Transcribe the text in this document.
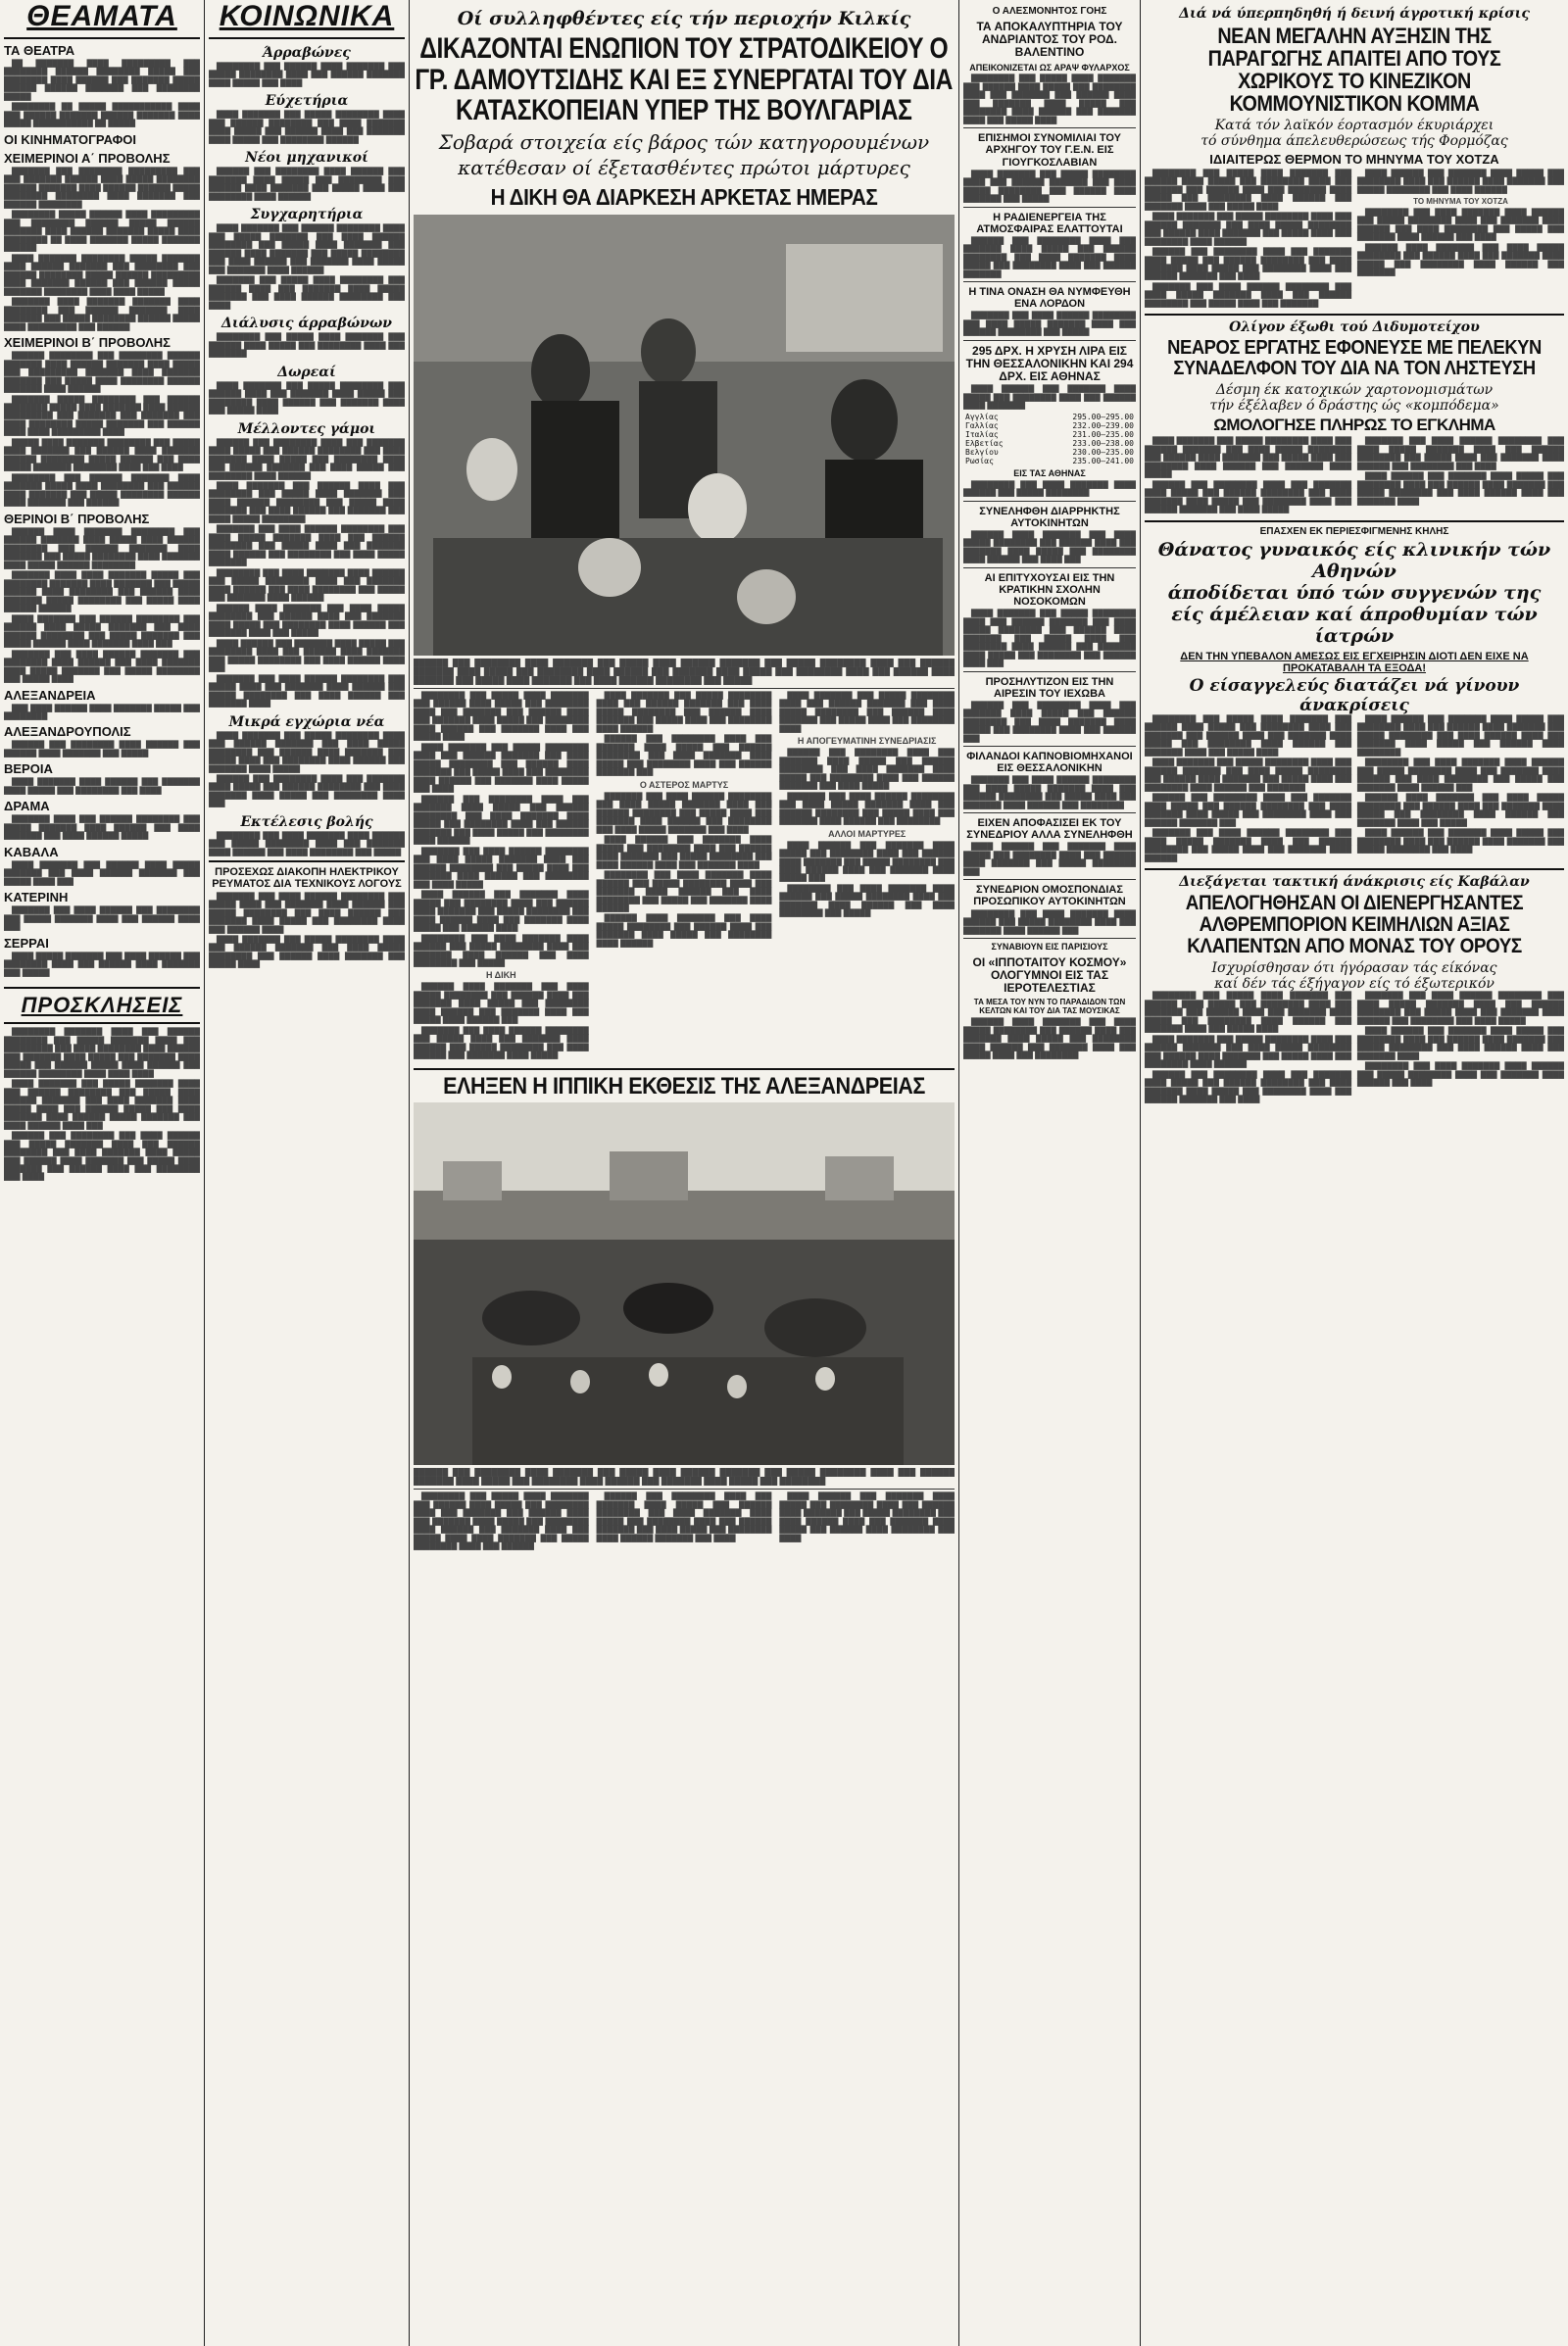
ΘΕΑΜΑΤΑ
ΤΑ ΘΕΑΤΡΑ

██ ███████ ████ █████████ ███ ████████ ██████ ████████ █████ ███ ████████ ████ ██████ ███ ███████ █████ ██████ ██████ ███████ ███ ████████ █████

████████ ██ █████ ███████████ ████ ███ ██████ ███████ ██████ ███████ ████ █████ ███████████ ██ █████

ΟΙ ΚΙΝΗΜΑΤΟΓΡΑΦΟΙ
ΧΕΙΜΕΡΙΝΟΙ Α΄ ΠΡΟΒΟΛΗΣ

███████ ███ ████████ █████████ ███ ███ ███████ ██████ ████ █████ ████████ ██████ ███████ ████ ██████ ██████ █████ ████████ ████████ ████ ███████ ███ ██████ ████████

████████ █████ ██████ ████ █████████ ███ ████████ ██████ █████ ██████ ███████ ████ ██████ ███████ █████ ████ ████████ ██ ████ ███████ █████ ███████ ██████

████ ███████ ████████ █████ ███████ ████ ██████ ███████ ███ ████████ ███ ██████ ████████ █████ ██████ █████████ ████ ███████ ██████ ███ ██████ █████ ███████ ████████ ████ ████ █████

███████ ████ ███████ ███████ ████ ████████ ███ ██████ ███████ ████ ███████ ███ █████ ████████ ██████ █████ ████ █████████ ███ ██████

ΧΕΙΜΕΡΙΝΟΙ Β΄ ΠΡΟΒΟΛΗΣ

██████ ████████ ███ ████████ ██████ ███████ ████ ██████ ███████ ████ █████ ███ █████████ ███████ ████ ███████ ███████ ███ █████ ████ ████████ ██████ ███████ ████ ██████

███████ █████ ████████ ███ ██████ ████████ █████ ████ ███████ ████ ██████ █████████ ███ ███████ ███ ███████ ███ ████ ████████ █████ ███████ ███ ██████ ████ ████ █████████ ████

█████ ████ ███████ ████████ ███ █████ ████ ███████ ███ ██████ ████ ███████ ██████ ████████ █████ ██████ ███ ████ █████ ███████ ████████ ████ ███ ████

████████ ███ ██████ ███████ ████ ███████ █████ ████ ████████ ███ ██████ ████ ███████ ███ █████ ████████ ██████ ████ ███████ ███ ██████

ΘΕΡΙΝΟΙ Β΄ ΠΡΟΒΟΛΗΣ

██████ ████ ███████ ████████ ███ ██████ ███████ ████ █████ ████ ██████ ████████ ███ ██████ ███████ ████ ███████ ███ █████ ████████ ████ ███████ ████ █████ ██████ ████████

███████ ████ ████ ███████ █████ ███ ████████ ███████ ████ ███████ ███ █████ ██████ ████ ████████ ███ ██████ ████ ███████ █████ ████████ ███ █████ ████ ██████ ██████

████ ███████ ███ ██████ ████████ ███ ██████ ████ █████ ███████ ███ ████ ██████ ████████ ███ █████ ███████ ███ █████ ██████ ████ ███████ ████ ███

███████ ███ ████ ██████ ███████ ███ ████████ ████ ██████ ███ ████ ███████ ████ █████ ███████ ███ █████ ████████ ███ █████ ████

ΑΛΕΞΑΝΔΡΕΙΑ

███ ████ ██████ ████ ███████ █████ ███ ████████

ΑΛΕΞΑΝΔΡΟΥΠΟΛΙΣ

██████ ███ ████████ ████ ██████ ███ ██████ ████ ███████ ███ █████

ΒΕΡΟΙΑ

████ ███████ ████ ██████ ███ ███████ ████ █████ ███ ████████ ███ ████

ΔΡΑΜΑ

███████ ████ ███ ██████ ████████ ███ █████ ███████ ████ ██████ ███ ████ ███████ ███ ████ ██████ █████

ΚΑΒΑΛΑ

████ ███████ ███ ██████ ████ █████ ███████ ███ ████ ██████ ███████ ███ █████ ████ ███

ΚΑΤΕΡΙΝΗ

███████ ███ ████ ██████ ███ ████████ ███ █████ ███████ ████ ███ ██████ ████ ███

ΣΕΡΡΑΙ

████ █████ ███████ ███ ████ ██████ ███ ████████ ████ ███ ██████ ████ ███████ ███ █████

ΠΡΟΣΚΛΗΣΕΙΣ

████████ ███████ ████ ███ ██████ ████████ ███ █████ ███████ ████ ███ █████████ ███ ████ ████████ ████ ██████ ███ ███████ ████ █████ ███ ███████ ████ █████ ███ ██████ █████ ████ ██████ ███ ██████ ████████ ████ ████ ████

████ ███████ ███ █████ ███████ ████ ███ ██████ ████████ ███ █████ ████ ██████ ███████ ███ ████ ███████ ████ █████ ████ ███ ██████ █████ ███ ████ ███████ ████ ██████ █████ ███████ ███ ████ ██████ ████ ███

██████ ███ ████████ ███ ████ ██████ ███ █████ ███████ ████ ███ ██████ ████████ ███ ████ ███████ ████ █████ ███ ██████ ████ ███████ ███ █████ ████ ███████ ███ ██████ ████ ███ ████████ ███ ████

ΚΟΙΝΩΝΙΚΑ
Άρραβώνες

████████ ███ ██████ ████ ███████ ███ █████ ████████ ████ ███ ██████ ███████ ████ █████ ███ ████

Εύχετήρια

████ ███████ ███ █████ ████████ ████ ███ ██████ ████████ ███ ████ ███████ ████ █████ ███ ██████ ████ ███ ███████ ████ █████ ███ ████████ ██████

Νέοι μηχανικοί

██████ ███ ████████ ████ ██████ ███ ███████ ████ █████ ███ ████████ ███ ██████ ████ ███████ ███ █████ ████ ███ ████████ ████ ██████

Συγχαρητήρια

████ ███████ ███ ██████ ████████ ████ ███ █████ ███████ ███ ████ ██████ ████████ ███ █████ ████ ███████ ███ ██████ ████ ███████ ███ █████ ████████ ███ ████ ██████ ███ ███████ ████ █████ ███ ███████ ████ ██████

███████ ███ █████ ████ ████████ ███ ██████ ████ ███ ███████ ████ █████ ███████ ███ ████ ██████ ████████ ███ ████

Διάλυσις άρραβώνων

████████ ███ █████ ████ ███████ ███ ██████ ████ █████ ███ ████████ ████ ███ ███████

Δωρεαί

████ ███████ ███ █████ ████████ ███ ██████ ████ ███ ███████ ████ █████ ███ ████████ ████ ██████ ███ ███████ ████ ███ █████ ████

Μέλλοντες γάμοι

██████ ███ ████████ ████ ███ ███████ ████ █████ ███ ██████ ████████ ███ ████ ███████ ████ █████ ███ ████████ ████ ███ ██████ ███████ ███ ████ █████ ███ ████████ ████ ██████

████ ███████ ███ ██████ ████ ███ ████████ ███ █████ ████ ███████ ███ ████ ██████ ████████ ███ █████ ████ ███████ ███ ████ ██████ ███ ███████ ███ ████ █████ ████████

███████ ███ ████ ██████ ████████ ███ ████ █████ ███████ ████ ███ ██████ ████████ ███ █████ ████ ███ ███████ ████ ██████ ███ ████████ ███ ████ █████ ███████

████████ ███ ████ ███████ ████ ██████ ███ █████ ████████ ████ ███ ███████ ████ ██████ ███ ████ ████████ ███ █████ ███ ███████ ████ ██████

██████ ████ ███████ ███ ████ █████ ████████ ███ ██████ ████ ███ ███████ ████ █████ ███ ████████ ████ ██████ ███ ███████ ████ ███ █████

████ ██████ ███ ███████ ████ █████ ███ ████████ ████ ███ ██████ ████ ███████ ███ █████ ████████ ███ ████ ██████ ████ ███

███████ ███ ████ ██████ ████████ ███ █████ ████ ███ ███████ ████ ██████ ███ █████ ████████ ███ ████ ██████ ███ ███████ ████

Μικρά εγχώρια νέα

████ ███████ ███ █████ ████████ ████ ███ ██████ ███████ ███ ████ █████ ████████ ███ ██████ ████ ███████ ███ █████ ████ ███ ████████ ████ ██████ ███ ███████ ████ █████

██████ ███ ████████ ████ ███ ███████ ████ █████ ███ ██████ ████████ ███ ████ ███████ ████ █████ ███ ████████ ████ ███

Εκτέλεσις βολής

████████ ███ ████ ███████ ████ ██████ ███ █████ ████████ ████ ███ ███████ ████ ██████ ███ ████ ████████ ███ █████

ΠΡΟΣΕΧΩΣ ΔΙΑΚΟΠΗ ΗΛΕΚΤΡΙΚΟΥ ΡΕΥΜΑΤΟΣ ΔΙΑ ΤΕΧΝΙΚΟΥΣ ΛΟΓΟΥΣ

███████ ███ ████ ██████ ████████ ███ █████ ████ ███ ███████ ████ ██████ ███ █████ ████████ ███ ████ ██████ ███ ███████ ████ █████ ███ ████████ ████ ███ ██████ ████

████ ███████ ███ █████ ████████ ████ ███ ██████ ███████ ███ ████ █████ ████████ ███ ██████ ████ ███████ ███ █████ ████

Οί συλληφθέντες είς τήν περιοχήν Κιλκίς
ΔΙΚΑΖΟΝΤΑΙ ΕΝΩΠΙΟΝ ΤΟΥ ΣΤΡΑΤΟΔΙΚΕΙΟΥ Ο ΓΡ. ΔΑΜΟΥΤΣΙΔΗΣ ΚΑΙ ΕΞ ΣΥΝΕΡΓΑΤΑΙ ΤΟΥ ΔΙΑ ΚΑΤΑΣΚΟΠΕΙΑΝ ΥΠΕΡ ΤΗΣ ΒΟΥΛΓΑΡΙΑΣ
Σοβαρά στοιχεία είς βάρος τών κατηγορουμένων
κατέθεσαν οί έξετασθέντες πρώτοι μάρτυρες
Η ΔΙΚΗ ΘΑ ΔΙΑΡΚΕΣΗ ΑΡΚΕΤΑΣ ΗΜΕΡΑΣ
██████ ███ ████████ ████ ███████ ███ █████ ████ ██████ ███████ ███ █████ ████████ ████ ███ ██████ ███████ ████ █████ ███ ████████ ████ ██████ ███ ███████ ████ █████ ███ ████████ ████ ███ ██████ ████ ███████ ███ █████ ████ ███████ ███ ████ ██████ ████████ ███ █████

████████ ███ █████ ████ ███████ ███ ██████ ████ █████ ███ ████████ ████ ███ ███████ ███ ██████ ████ ███ ███████ ████ █████ ███ ████████ ████ ██████ ███ ███████ ████ ███ █████ ████

████ ███████ ███ █████ ████████ ████ ███ ██████ ███████ ███ ████ █████ ████████ ███ ██████ ████ ███████ ███ █████ ████ ███ ████████ ████ ██████ ███ ███████ ████ █████ ███ ████

██████ ███ ████████ ████ ███ ███████ ████ █████ ███ ██████ ████████ ███ ████ ███████ ████ █████ ███ ████████ ████ ███ ██████ ███████ ███ ████ █████ ███ ████████ ████ ██████

███████ ███ ████ ██████ ████████ ███ ████ █████ ███████ ████ ███ ██████ ████████ ███ █████ ████ ███ ███████ ████ ██████ ███ ████████ ███ ████ █████

████ ██████ ███ ███████ ████ █████ ███ ████████ ████ ███ ██████ ████ ███████ ███ █████ ████████ ███ ████ ██████ ████ ███ ███████ ████ █████ ███ ██████ ████

████████ ███ ████ ███████ ████ ██████ ███ █████ ████████ ████ ███ ███████ ████ ██████ ███ ████ ████████ ███ █████

Η ΔΙΚΗ

██████ ████ ███████ ███ ████ █████ ████████ ███ ██████ ████ ███ ███████ ████ █████ ███ ████████ ████ ██████ ███ ███████ ████ ███ █████ ████ ██████ ███

███████ ███ ████ ██████ ████████ ███ █████ ████ ███ ███████ ████ ██████ ███ █████ ████████ ███ ████ ██████ ███ ███████ ████ █████

████ ███████ ███ █████ ████████ ████ ███ ██████ ███████ ███ ████ █████ ████████ ███ ██████ ████ ███████ ███ █████ ████ ███ ████████ ████ ██████

██████ ███ ████████ ████ ███ ███████ ████ █████ ███ ██████ ████████ ███ ████ ███████ ████ █████ ███ ████████ ████ ███ ██████ ███████ ███

Ο ΑΣΤΕΡΟΣ ΜΑΡΤΥΣ

███████ ███ ████ ██████ ████████ ███ ████ █████ ███████ ████ ███ ██████ ████████ ███ █████ ████ ███ ███████ ████ ██████ ███ ████████ ███ ████ █████ ███████ ███ ████

████ ██████ ███ ███████ ████ █████ ███ ████████ ████ ███ ██████ ████ ███████ ███ █████ ████████ ███ ████ ██████ ████ ███ ███████ ████

████████ ███ ████ ███████ ████ ██████ ███ █████ ████████ ████ ███ ███████ ████ ██████ ███ ████ ████████ ███ █████ ███ ███████ ████ ██████

██████ ████ ███████ ███ ████ █████ ████████ ███ ██████ ████ ███ ███████ ████ █████ ███ ████████ ████ ██████

████ ███████ ███ █████ ████████ ████ ███ ██████ ███████ ███ ████ █████ ████████ ███ ██████ ████ ███████ ███ █████ ████ ███ ████████ ████

Η ΑΠΟΓΕΥΜΑΤΙΝΗ ΣΥΝΕΔΡΙΑΣΙΣ

██████ ███ ████████ ████ ███ ███████ ████ █████ ███ ██████ ████████ ███ ████ ███████ ████ █████ ███ ████████ ████ ███ ██████ ███████ ███ ████ █████

███████ ███ ████ ██████ ████████ ███ ████ █████ ███████ ████ ███ ██████ ████████ ███ █████ ████ ███ ███████ ████ ██████ ███ ████████

ΑΛΛΟΙ ΜΑΡΤΥΡΕΣ

████ ██████ ███ ███████ ████ █████ ███ ████████ ████ ███ ██████ ████ ███████ ███ █████ ████████ ███ ████ ██████ ████ ███ ███████ ████ █████ ███

████████ ███ ████ ███████ ████ ██████ ███ █████ ████████ ████ ███ ███████ ████ ██████ ███ ████ ████████ ███ █████

ΕΛΗΞΕΝ Η ΙΠΠΙΚΗ ΕΚΘΕΣΙΣ ΤΗΣ ΑΛΕΞΑΝΔΡΕΙΑΣ
██████ ███ ████████ ████ ███████ ███ █████ ████ ██████ ███████ ███ █████ ████████ ████ ███ ██████ ███████ ████ █████ ███ ████████ ████ ██████ ███ ███████ ████ █████ ███ ████████

████████ ███ █████ ████ ███████ ███ ██████ ████ █████ ███ ████████ ████ ███ ███████ ███ ██████ ████ ███ ███████ ████ █████ ███ ████████ ████ ██████ ███ ███████ ████ ███ █████ ████ ████ ███████ ███ █████ ████████ ████ ███ ██████

██████ ███ ████████ ████ ███ ███████ ████ █████ ███ ██████ ████████ ███ ████ ███████ ████ █████ ███ ████████ ████ ███ ██████ ███████ ███ ████ █████ ███ ████████ ████ ██████ ███████ ███ ████

████ ██████ ███ ███████ ████ █████ ███ ████████ ████ ███ ██████ ████ ███████ ███ █████ ████████ ███ ████ ██████ ████ ███ ███████ ████ █████ ███ ██████ ████ ████████ ███ ████

Ο ΑΛΕΣΜΟΝΗΤΟΣ ΓΟΗΣ
ΤΑ ΑΠΟΚΑΛΥΠΤΗΡΙΑ ΤΟΥ ΑΝΔΡΙΑΝΤΟΣ ΤΟΥ ΡΟΔ. ΒΑΛΕΝΤΙΝΟ
ΑΠΕΙΚΟΝΙΖΕΤΑΙ ΩΣ ΑΡΑΨ ΦΥΛΑΡΧΟΣ

████████ ███ █████ ████ ███████ ███ ██████ ████ █████ ███ ████████ ████ ███ ███████ ███ ██████ ████ ███ ███████ ████ █████ ███ ████████ ████ ██████ ███ ███████ ████ ███ █████ ████

ΕΠΙΣΗΜΟΙ ΣΥΝΟΜΙΛΙΑΙ ΤΟΥ ΑΡΧΗΓΟΥ ΤΟΥ Γ.Ε.Ν. ΕΙΣ ΓΙΟΥΓΚΟΣΛΑΒΙΑΝ

████ ███████ ███ █████ ████████ ████ ███ ██████ ███████ ███ ████ █████ ████████ ███ ██████ ████ ███████ ███ █████

Η ΡΑΔΙΕΝΕΡΓΕΙΑ ΤΗΣ ΑΤΜΟΣΦΑΙΡΑΣ ΕΛΑΤΤΟΥΤΑΙ

██████ ███ ████████ ████ ███ ███████ ████ █████ ███ ██████ ████████ ███ ████ ███████ ████ █████ ███ ████████ ████ ███ ██████ ███████

Η ΤΙΝΑ ΟΝΑΣΗ ΘΑ ΝΥΜΦΕΥΘΗ ΕΝΑ ΛΟΡΔΟΝ

███████ ███ ████ ██████ ████████ ███ ████ █████ ███████ ████ ███ ██████ ████████ ███ █████

295 ΔΡΧ. Η ΧΡΥΣΗ ΛΙΡΑ ΕΙΣ ΤΗΝ ΘΕΣΣΑΛΟΝΙΚΗΝ ΚΑΙ 294 ΔΡΧ. ΕΙΣ ΑΘΗΝΑΣ

████ ██████ ███ ███████ ████ █████ ███ ████████ ████ ███ ██████ ████ ███████

Αγγλίας	295.00—295.00
Γαλλίας	232.00—239.00
Ιταλίας	231.00—235.00
Ελβετίας	233.00—238.00
Βελγίου	230.00—235.00
Ρωσίας	235.00—241.00
ΕΙΣ ΤΑΣ ΑΘΗΝΑΣ

████████ ███ ████ ███████ ████ ██████ ███ █████ ████████

ΣΥΝΕΛΗΦΘΗ ΔΙΑΡΡΗΚΤΗΣ ΑΥΤΟΚΙΝΗΤΩΝ

██████ ████ ███████ ███ ████ █████ ████████ ███ ██████ ████ ███ ███████ ████ █████ ███ ████████ ████ ██████ ███ ████ ███

ΑΙ ΕΠΙΤΥΧΟΥΣΑΙ ΕΙΣ ΤΗΝ ΚΡΑΤΙΚΗΝ ΣΧΟΛΗΝ ΝΟΣΟΚΟΜΩΝ

████ ███████ ███ █████ ████████ ████ ███ ██████ ███████ ███ ████ █████ ████████ ███ ██████ ████ ███████ ███ █████ ████ ███ ████████ ████ ██████ ███ ███████ ████ █████ ███ ████████ ███ ██████ ████ ███

ΠΡΟΣΗΛΥΤΙΖΟΝ ΕΙΣ ΤΗΝ ΑΙΡΕΣΙΝ ΤΟΥ ΙΕΧΩΒΑ

██████ ███ ████████ ████ ███ ███████ ████ █████ ███ ██████ ████████ ███ ████ ███████ ████ █████ ███ ████████ ████ ███ ██████ ███

ΦΙΛΑΝΔΟΙ ΚΑΠΝΟΒΙΟΜΗΧΑΝΟΙ ΕΙΣ ΘΕΣΣΑΛΟΝΙΚΗΝ

███████ ███ ████ ██████ ████████ ███ ████ █████ ███████ ████ ███ ██████ ████████ ███ █████ ████ ███ ███████ ████ ██████ ███ ████████

ΕΙΧΕΝ ΑΠΟΦΑΣΙΣΕΙ ΕΚ ΤΟΥ ΣΥΝΕΔΡΙΟΥ ΑΛΛΑ ΣΥΝΕΛΗΦΘΗ

████ ██████ ███ ███████ ████ █████ ███ ████████ ████ ███ ██████ ████ ███████ ███ █████ ████████ ███

ΣΥΝΕΔΡΙΟΝ ΟΜΟΣΠΟΝΔΙΑΣ ΠΡΟΣΩΠΙΚΟΥ ΑΥΤΟΚΙΝΗΤΩΝ

████████ ███ ████ ███████ ████ ██████ ███ █████ ████████ ████ ███ ███████ ████ ██████ ███

ΣΥΝΑΒΙΟΥΝ ΕΙΣ ΠΑΡΙΣΙΟΥΣ
ΟΙ «ΙΠΠΟΤΑΙΤΟΥ ΚΟΣΜΟΥ» ΟΛΟΓΥΜΝΟΙ ΕΙΣ ΤΑΣ ΙΕΡΟΤΕΛΕΣΤΙΑΣ
ΤΑ ΜΕΣΑ ΤΟΥ ΝΥΝ ΤΟ ΠΑΡΑΔΙΔΟΝ ΤΩΝ ΚΕΛΤΩΝ ΚΑΙ ΤΟΥ ΔΙΑ ΤΑΣ ΜΟΥΣΙΚΑΣ

██████ ████ ███████ ███ ████ █████ ████████ ███ ██████ ████ ███ ███████ ████ █████ ███ ████████ ████ ██████ ███ ███████ ████ ███ █████ ████ ███ ████████

Διά νά ύπερπηδηθή ή δεινή άγροτική κρίσις
ΝΕΑΝ ΜΕΓΑΛΗΝ ΑΥΞΗΣΙΝ ΤΗΣ ΠΑΡΑΓΩΓΗΣ ΑΠΑΙΤΕΙ ΑΠΟ ΤΟΥΣ ΧΩΡΙΚΟΥΣ ΤΟ ΚΙΝΕΖΙΚΟΝ ΚΟΜΜΟΥΝΙΣΤΙΚΟΝ ΚΟΜΜΑ
Κατά τόν λαϊκόν έορτασμόν έκυριάρχει
τό σύνθημα άπελευθερώσεως τής Φορμόζας
ΙΔΙΑΙΤΕΡΩΣ ΘΕΡΜΟΝ ΤΟ ΜΗΝΥΜΑ ΤΟΥ ΧΟΤΖΑ

████████ ███ █████ ████ ███████ ███ ██████ ████ █████ ███ ████████ ████ ███ ███████ ███ ██████ ████ ███ ███████ ████ █████ ███ ████████ ████ ██████ ███ ███████ ████ ███ █████ ████

████ ███████ ███ █████ ████████ ████ ███ ██████ ███████ ███ ████ █████ ████████ ███ ██████ ████ ███████ ███ █████ ████ ███ ████████ ████ ██████

██████ ███ ████████ ████ ███ ███████ ████ █████ ███ ██████ ████████ ███ ████ ███████ ████ █████ ███ ████████ ████ ███ ██████ ███████ ███ ████

███████ ███ ████ ██████ ████████ ███ ████ █████ ███████ ████ ███ ██████ ████████ ███ █████ ████ ███ ███████

████ ██████ ███ ███████ ████ █████ ███ ████████ ████ ███ ██████ ████ ███████ ███ █████ ████████ ███ ████ ██████

ΤΟ ΜΗΝΥΜΑ ΤΟΥ ΧΟΤΖΑ

████████ ███ ████ ███████ ████ ██████ ███ █████ ████████ ████ ███ ███████ ████ ██████ ███ ████ ████████ ███ █████ ███ ███████ ████ ██████ ███ ████

██████ ████ ███████ ███ ████ █████ ████████ ███ ██████ ████ ███ ███████ ████ █████ ███ ████████ ████ ██████ ███ ███████

Ολίγον έξωθι τού Διδυμοτείχου
ΝΕΑΡΟΣ ΕΡΓΑΤΗΣ ΕΦΟΝΕΥΣΕ ΜΕ ΠΕΛΕΚΥΝ ΣΥΝΑΔΕΛΦΟΝ ΤΟΥ ΔΙΑ ΝΑ ΤΟΝ ΛΗΣΤΕΥΣΗ
Δέσμη έκ κατοχικών χαρτονομισμάτων
τήν έξέλαβεν ό δράστης ώς «κομπόδεμα»
ΩΜΟΛΟΓΗΣΕ ΠΛΗΡΩΣ ΤΟ ΕΓΚΛΗΜΑ

████ ███████ ███ █████ ████████ ████ ███ ██████ ███████ ███ ████ █████ ████████ ███ ██████ ████ ███████ ███ █████ ████ ███ ████████ ████ ██████ ███ ███████ ████ █████

██████ ███ ████████ ████ ███ ███████ ████ █████ ███ ██████ ████████ ███ ████ ███████ ████ █████ ███ ████████ ████ ███ ██████ ███████ ███ ████ █████

███████ ███ ████ ██████ ████████ ███ ████ █████ ███████ ████ ███ ██████ ████████ ███ █████ ████ ███ ███████ ████ ██████ ███ ████████ ███ ████

████ ██████ ███ ███████ ████ █████ ███ ████████ ████ ███ ██████ ████ ███████ ███ █████ ████████ ███ ████ ██████ ████ ███ ███████ ████

ΕΠΑΣΧΕΝ ΕΚ ΠΕΡΙΕΣΦΙΓΜΕΝΗΣ ΚΗΛΗΣ
Θάνατος γυναικός είς κλινικήν τών Αθηνών
άποδίδεται ύπό τών συγγενών της
είς άμέλειαν καί άπροθυμίαν τών ίατρών
ΔΕΝ ΤΗΝ ΥΠΕΒΑΛΟΝ ΑΜΕΣΩΣ ΕΙΣ ΕΓΧΕΙΡΗΣΙΝ ΔΙΟΤΙ ΔΕΝ ΕΙΧΕ ΝΑ ΠΡΟΚΑΤΑΒΑΛΗ ΤΑ ΕΞΟΔΑ!
Ο είσαγγελεύς διατάζει νά γίνουν άνακρίσεις

████████ ███ █████ ████ ███████ ███ ██████ ████ █████ ███ ████████ ████ ███ ███████ ███ ██████ ████ ███ ███████ ████ █████ ███ ████████ ████ ██████ ███ ███████ ████ ███ █████ ████

████ ███████ ███ █████ ████████ ████ ███ ██████ ███████ ███ ████ █████ ████████ ███ ██████ ████ ███████ ███ █████ ████ ███ ████████ ████ ██████ ███ ███████

██████ ███ ████████ ████ ███ ███████ ████ █████ ███ ██████ ████████ ███ ████ ███████ ████ █████ ███ ████████ ████ ███ ██████ ███████ ███

███████ ███ ████ ██████ ████████ ███ ████ █████ ███████ ████ ███ ██████ ████████ ███ █████ ████ ███ ███████ ████ ██████

████ ██████ ███ ███████ ████ █████ ███ ████████ ████ ███ ██████ ████ ███████ ███ █████ ████████ ███ ████ ██████ ████ ███ ███████ ████ █████ ███ ██████ ████ ████████

████████ ███ ████ ███████ ████ ██████ ███ █████ ████████ ████ ███ ███████ ████ ██████ ███ ████ ████████ ███ █████ ███ ███████ ████ ██████ ███

██████ ████ ███████ ███ ████ █████ ████████ ███ ██████ ████ ███ ███████ ████ █████ ███ ████████ ████ ██████ ███ ███████ ████ ███ █████

████ ██████ ███ ███████ ████ █████ ███ ████████ ████ ███ ██████ ████ ███████ ███ █████ ████████ ███ ████

Διεξάγεται τακτική άνάκρισις είς Καβάλαν
ΑΠΕΛΟΓΗΘΗΣΑΝ ΟΙ ΔΙΕΝΕΡΓΗΣΑΝΤΕΣ ΑΛΘΡΕΜΠΟΡΙΟΝ ΚΕΙΜΗΛΙΩΝ ΑΞΙΑΣ ΚΛΑΠΕΝΤΩΝ ΑΠΟ ΜΟΝΑΣ ΤΟΥ ΟΡΟΥΣ
Ισχυρίσθησαν ότι ήγόρασαν τάς είκόνας
καί δέν τάς έξήγαγον είς τό έξωτερικόν

████████ ███ █████ ████ ███████ ███ ██████ ████ █████ ███ ████████ ████ ███ ███████ ███ ██████ ████ ███ ███████ ████ █████ ███ ████████ ████ ██████ ███ ███████ ████ ███ █████ ████

████ ███████ ███ █████ ████████ ████ ███ ██████ ███████ ███ ████ █████ ████████ ███ ██████ ████ ███████ ███ █████ ████ ███ ████████ ████ ██████

██████ ███ ████████ ████ ███ ███████ ████ █████ ███ ██████ ████████ ███ ████ ███████ ████ █████ ███ ████████ ████ ███ ██████ ███████ ███ ████

███████ ███ ████ ██████ ████████ ███ ████ █████ ███████ ████ ███ ██████ ████████ ███ █████ ████ ███ ███████ ████ ██████ ███ ████████ ███ ████ █████

████ ██████ ███ ███████ ████ █████ ███ ████████ ████ ███ ██████ ████ ███████ ███ █████ ████████ ███ ████ ██████ ████ ███ ███████ ████

████████ ███ ████ ███████ ████ ██████ ███ █████ ████████ ████ ███ ███████ ████ ██████ ███ ████
